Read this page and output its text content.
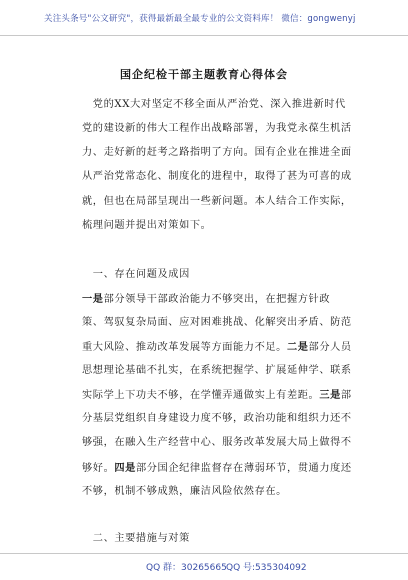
关注头条号"公文研究"，获得最新最全最专业的公文资料库！ 微信：gongwenyj
国企纪检干部主题教育心得体会
　党的XX大对坚定不移全面从严治党、深入推进新时代
党的建设新的伟大工程作出战略部署，为我党永葆生机活
力、走好新的赶考之路指明了方向。国有企业在推进全面
从严治党常态化、制度化的进程中，取得了甚为可喜的成
就，但也在局部呈现出一些新问题。本人结合工作实际，
梳理问题并提出对策如下。
　一、存在问题及成因
一是部分领导干部政治能力不够突出，在把握方针政
策、驾驭复杂局面、应对困难挑战、化解突出矛盾、防范
重大风险、推动改革发展等方面能力不足。二是部分人员
思想理论基础不扎实，在系统把握学、扩展延伸学、联系
实际学上下功夫不够，在学懂弄通做实上有差距。三是部
分基层党组织自身建设力度不够，政治功能和组织力还不
够强，在融入生产经营中心、服务改革发展大局上做得不
够好。四是部分国企纪律监督存在薄弱环节，贯通力度还
不够，机制不够成熟，廉洁风险依然存在。
　二、主要措施与对策
QQ 群：30265665 QQ 号:535304092
